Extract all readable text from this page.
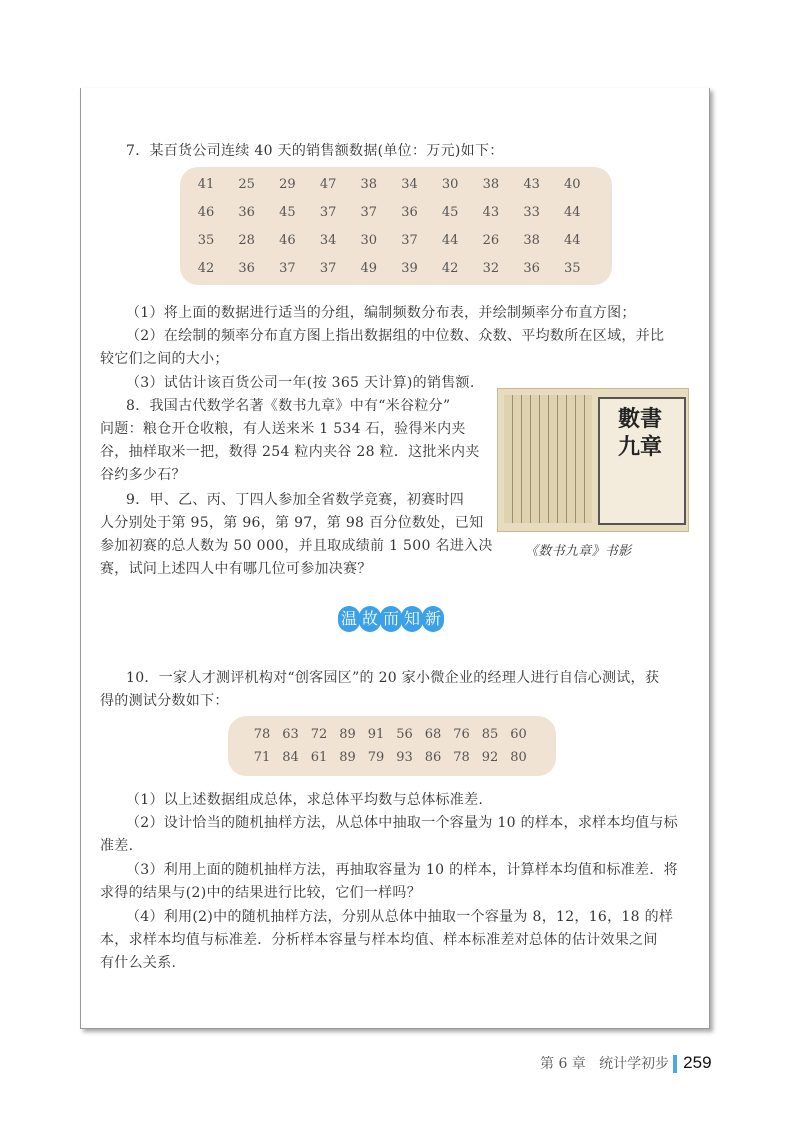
7．某百货公司连续 40 天的销售额数据(单位：万元)如下：
41	25	29	47	38	34	30	38	43	40
46	36	45	37	37	36	45	43	33	44
35	28	46	34	30	37	44	26	38	44
42	36	37	37	49	39	42	32	36	35
（1）将上面的数据进行适当的分组，编制频数分布表，并绘制频率分布直方图；
（2）在绘制的频率分布直方图上指出数据组的中位数、众数、平均数所在区域，并比
较它们之间的大小；
（3）试估计该百货公司一年(按 365 天计算)的销售额.
8．我国古代数学名著《数书九章》中有“米谷粒分”
问题：粮仓开仓收粮，有人送来米 1 534 石，验得米内夹
谷，抽样取米一把，数得 254 粒内夹谷 28 粒．这批米内夹
谷约多少石？
9．甲、乙、丙、丁四人参加全省数学竞赛，初赛时四
人分别处于第 95，第 96，第 97，第 98 百分位数处，已知
参加初赛的总人数为 50 000，并且取成绩前 1 500 名进入决
赛，试问上述四人中有哪几位可参加决赛？
數書九章
《数书九章》书影
温 故 而 知 新
10．一家人才测评机构对“创客园区”的 20 家小微企业的经理人进行自信心测试，获
得的测试分数如下：
78 63 72 89 91 56 68 76 85 60
71 84 61 89 79 93 86 78 92 80
（1）以上述数据组成总体，求总体平均数与总体标准差.
（2）设计恰当的随机抽样方法，从总体中抽取一个容量为 10 的样本，求样本均值与标
准差.
（3）利用上面的随机抽样方法，再抽取容量为 10 的样本，计算样本均值和标准差．将
求得的结果与(2)中的结果进行比较，它们一样吗？
（4）利用(2)中的随机抽样方法，分别从总体中抽取一个容量为 8，12，16，18 的样
本，求样本均值与标准差．分析样本容量与样本均值、样本标准差对总体的估计效果之间
有什么关系.
第 6 章 统计学初步 259
